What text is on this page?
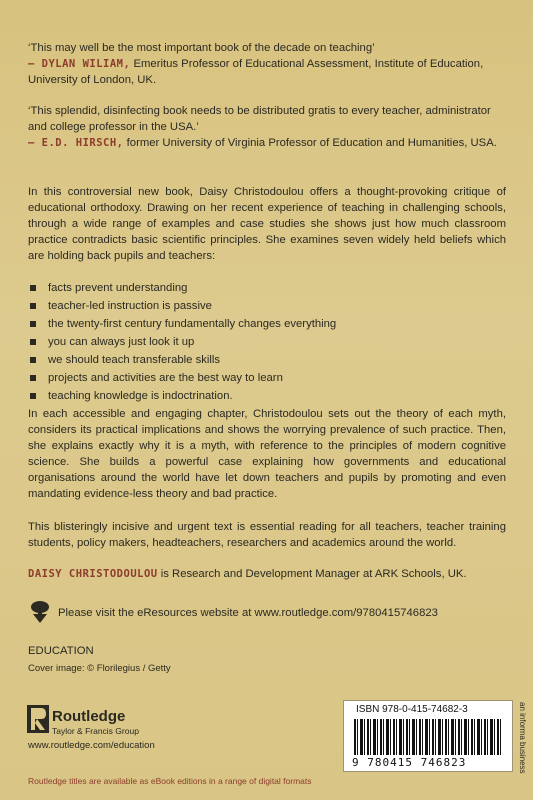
‘This may well be the most important book of the decade on teaching’
– DYLAN WILIAM, Emeritus Professor of Educational Assessment, Institute of Education, University of London, UK.
‘This splendid, disinfecting book needs to be distributed gratis to every teacher, administrator and college professor in the USA.’
– E.D. HIRSCH, former University of Virginia Professor of Education and Humanities, USA.
In this controversial new book, Daisy Christodoulou offers a thought-provoking critique of educational orthodoxy. Drawing on her recent experience of teaching in challenging schools, through a wide range of examples and case studies she shows just how much classroom practice contradicts basic scientific principles. She examines seven widely held beliefs which are holding back pupils and teachers:
facts prevent understanding
teacher-led instruction is passive
the twenty-first century fundamentally changes everything
you can always just look it up
we should teach transferable skills
projects and activities are the best way to learn
teaching knowledge is indoctrination.
In each accessible and engaging chapter, Christodoulou sets out the theory of each myth, considers its practical implications and shows the worrying prevalence of such practice. Then, she explains exactly why it is a myth, with reference to the principles of modern cognitive science. She builds a powerful case explaining how governments and educational organisations around the world have let down teachers and pupils by promoting and even mandating evidence-less theory and bad practice.
This blisteringly incisive and urgent text is essential reading for all teachers, teacher training students, policy makers, headteachers, researchers and academics around the world.
DAISY CHRISTODOULOU is Research and Development Manager at ARK Schools, UK.
Please visit the eResources website at www.routledge.com/9780415746823
EDUCATION
Cover image: © Florilegius / Getty
Routledge
Taylor & Francis Group
www.routledge.com/education
Routledge titles are available as eBook editions in a range of digital formats
ISBN 978-0-415-74682-3
9 780415 746823	an informa business
